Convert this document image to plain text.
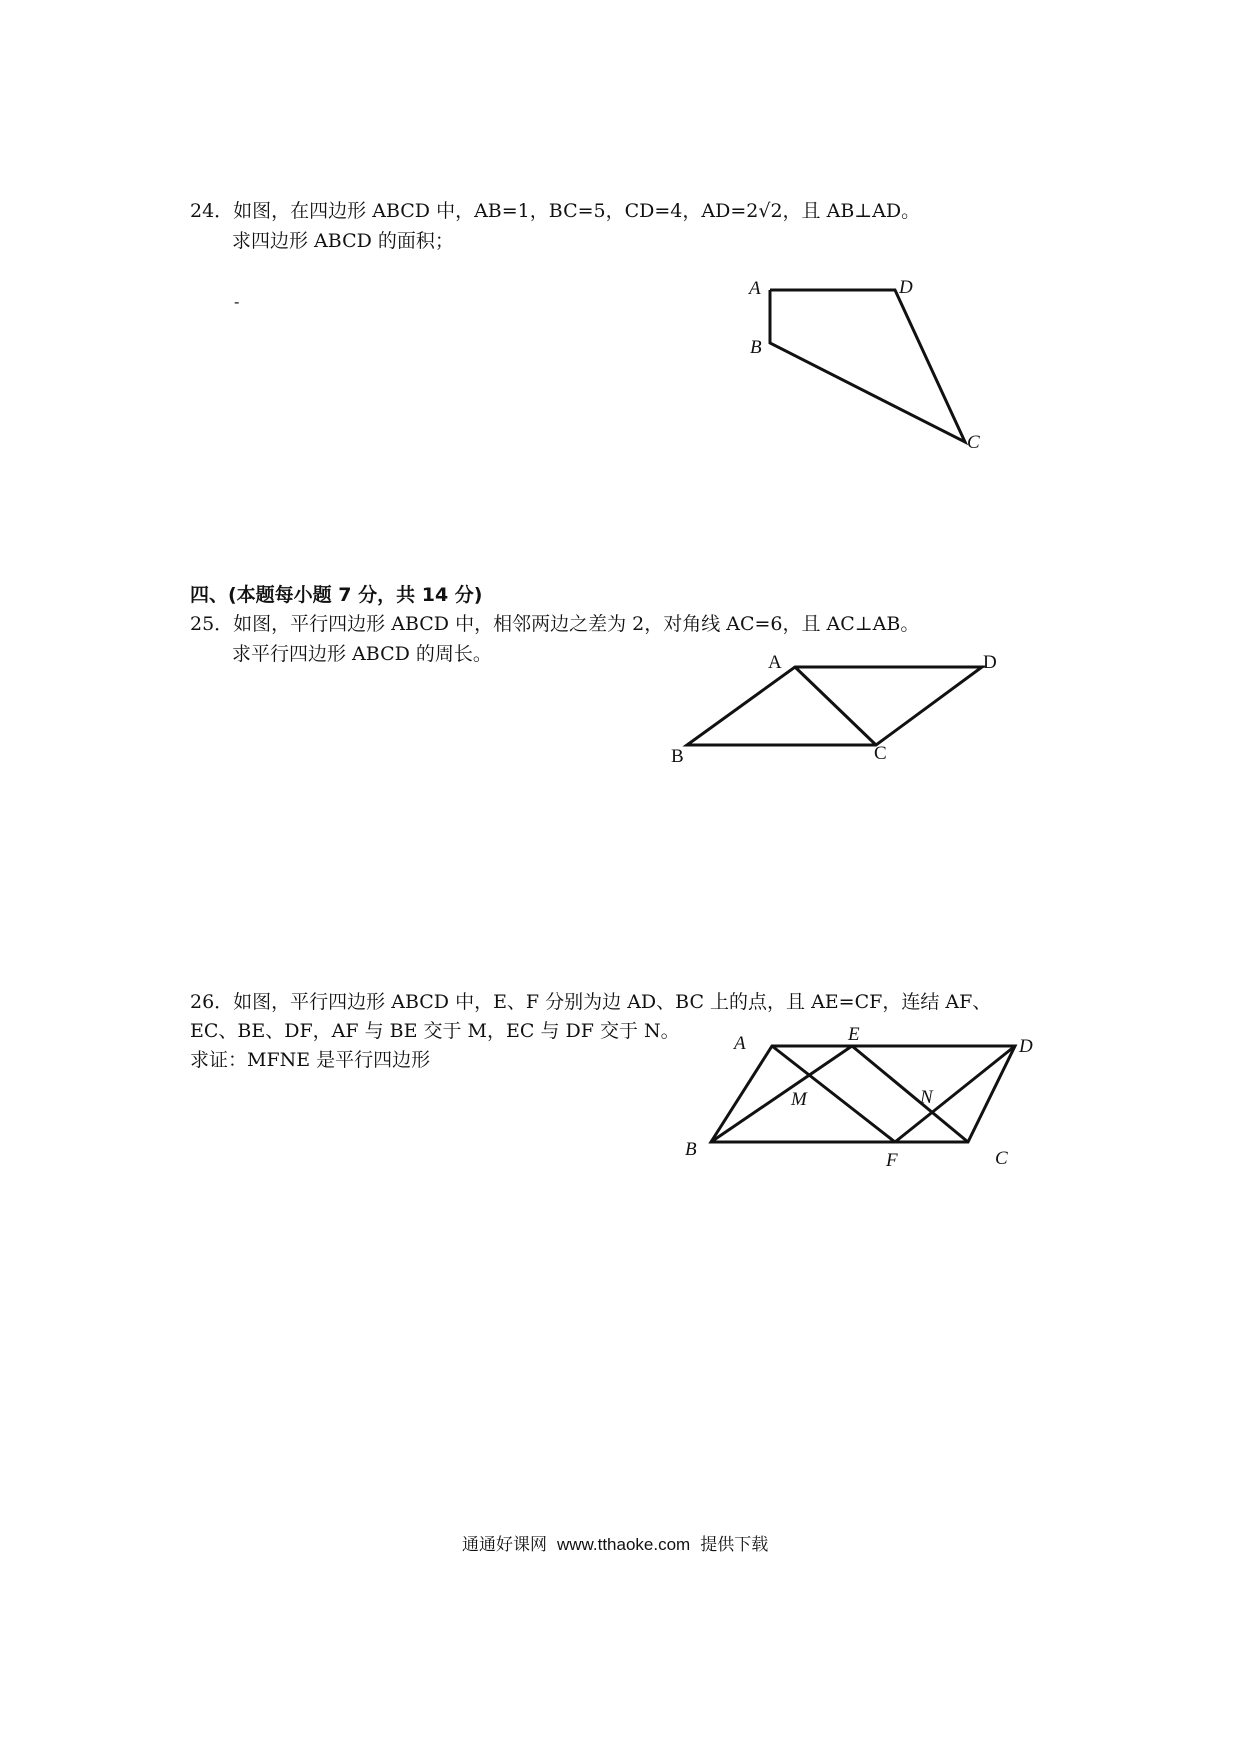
24．如图，在四边形 ABCD 中，AB=1，BC=5，CD=4，AD=2√2，且 AB⊥AD。
求四边形 ABCD 的面积；
-
A
B
C
D
四、(本题每小题 7 分，共 14 分)
25．如图，平行四边形 ABCD 中，相邻两边之差为 2，对角线 AC=6，且 AC⊥AB。
求平行四边形 ABCD 的周长。	A
B	C
D
26．如图，平行四边形 ABCD 中，E、F 分别为边 AD、BC 上的点，且 AE=CF，连结 AF、
EC、BE、DF，AF 与 BE 交于 M，EC 与 DF 交于 N。
求证：MFNE 是平行四边形
A
B	C
D
E
F
M	N
通通好课网 www.tthaoke.com 提供下载
